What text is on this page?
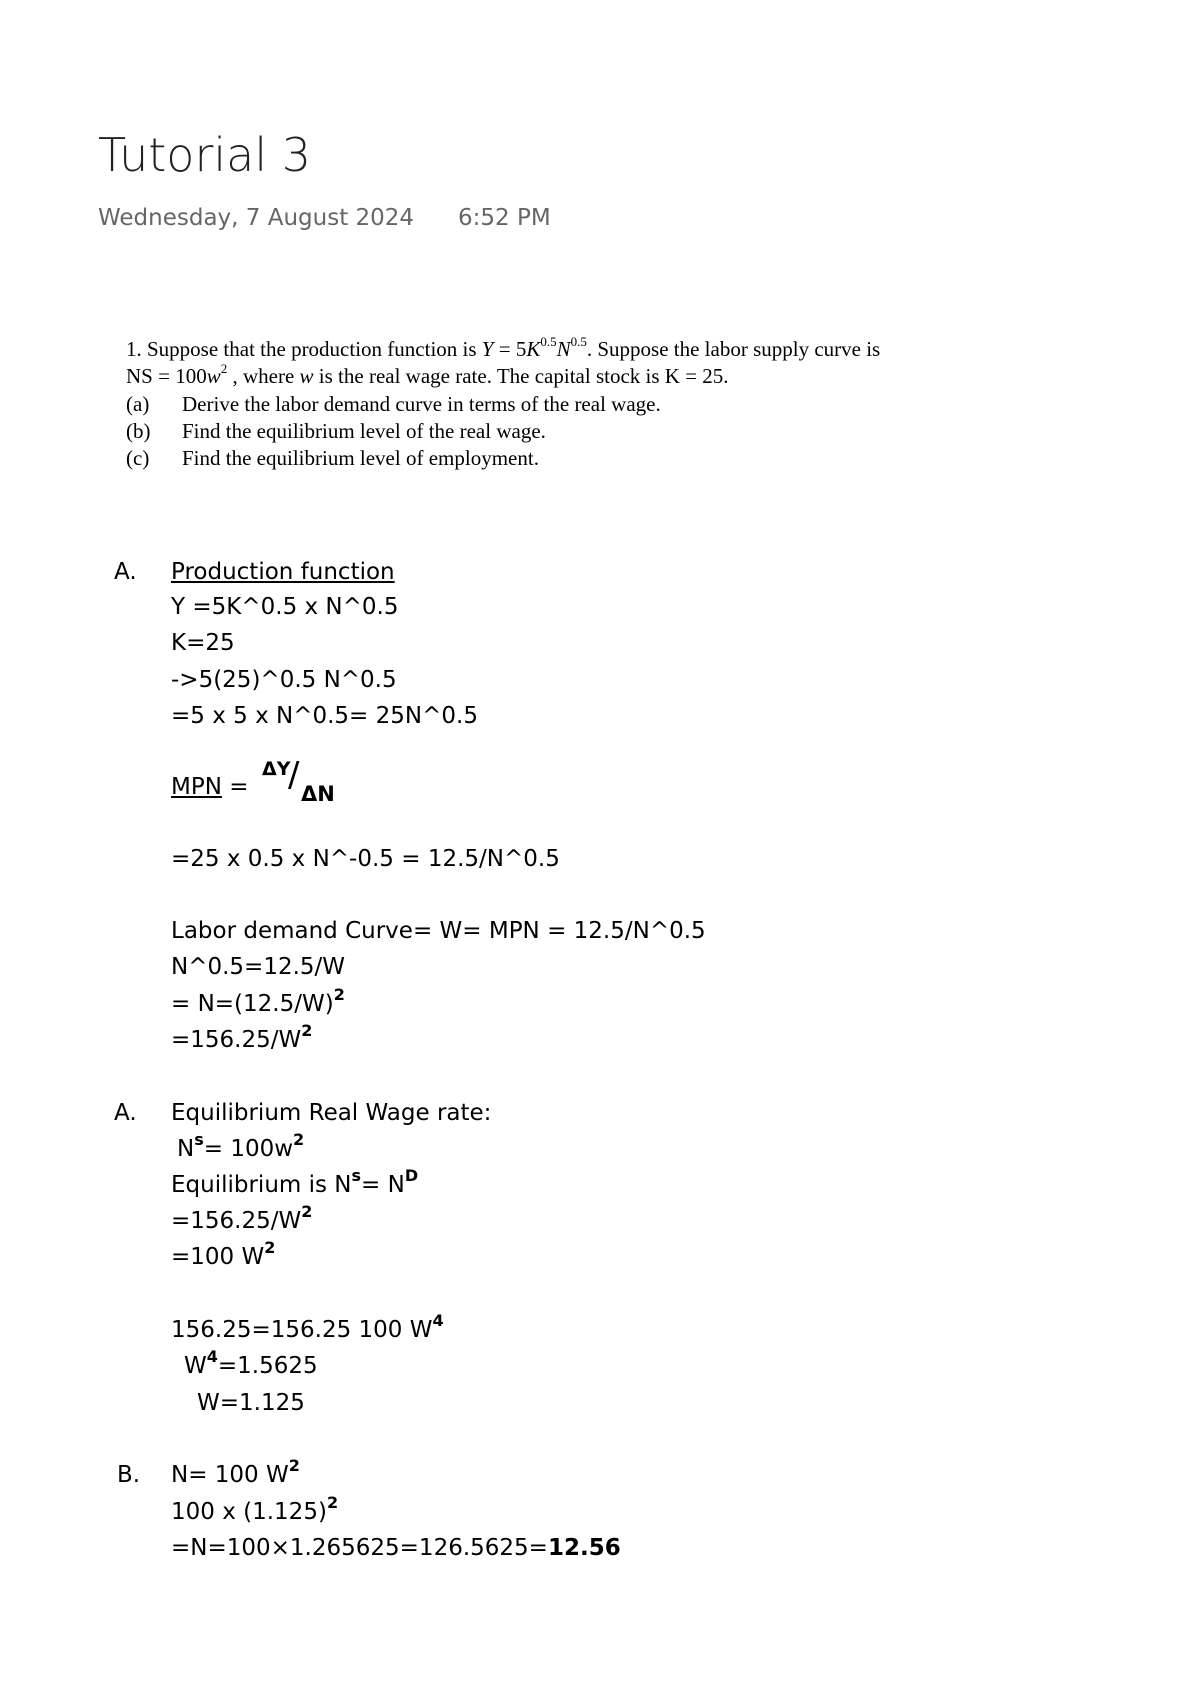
Tutorial 3
Wednesday, 7 August 2024 6:52 PM
1. Suppose that the production function is $Y = 5K^{0.5}N^{0.5}$. Suppose the labor supply curve is
NS = $100w^2$ , where w is the real wage rate. The capital stock is K = 25.
(a) Derive the labor demand curve in terms of the real wage.
(b) Find the equilibrium level of the real wage.
(c) Find the equilibrium level of employment.
A. Production function
Y =5K^0.5 x N^0.5
K=25
->5(25)^0.5 N^0.5
=5 x 5 x N^0.5= 25N^0.5
MPN =
ΔY
/ ΔN
=25 x 0.5 x N^-0.5 = 12.5/N^0.5
Labor demand Curve= W= MPN = 12.5/N^0.5
N^0.5=12.5/W
= $N=(12.5/W)^2$
$=156.25/W^2$
A. Equilibrium Real Wage rate:
$N^s= 100w^2$
Equilibrium is $N^s= N^D$
$=156.25/W^2$
=100 $W^2$
156.25=156.25 100 $W^4$
$W^4=1.5625$
W=1.125
B. N= 100 $W^2$
100 x $(1.125)^2$
=N=100×1.265625=126.5625=12.56
